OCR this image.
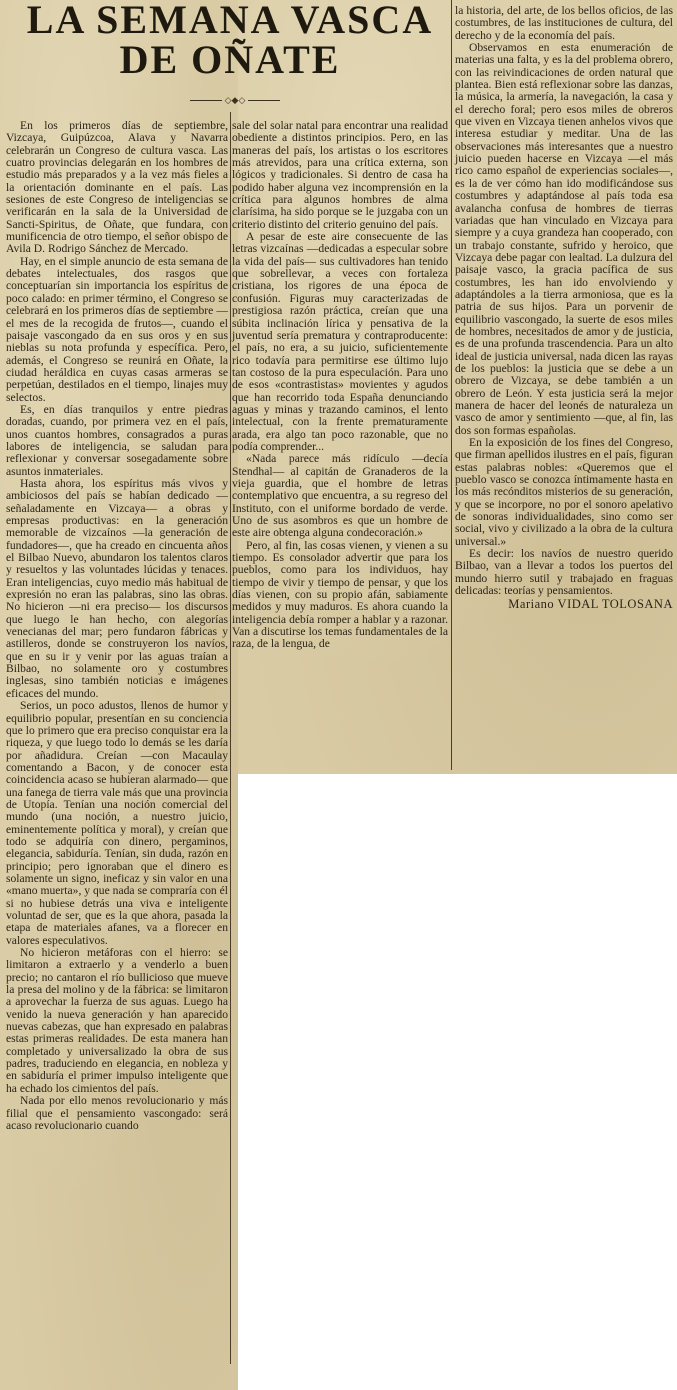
LA SEMANA VASCA
DE OÑATE
◇◆◇

En los primeros días de septiembre, Vizcaya, Guipúzcoa, Alava y Navarra celebrarán un Congreso de cultura vasca. Las cuatro provincias delegarán en los hombres de estudio más preparados y a la vez más fieles a la orientación dominante en el país. Las sesiones de este Congreso de inteligencias se verificarán en la sala de la Universidad de Sancti-Spiritus, de Oñate, que fundara, con munificencia de otro tiempo, el señor obispo de Avila D. Rodrigo Sánchez de Mercado.

Hay, en el simple anuncio de esta semana de debates intelectuales, dos rasgos que conceptuarían sin importancia los espíritus de poco calado: en primer término, el Congreso se celebrará en los primeros días de septiembre —el mes de la recogida de frutos—, cuando el paisaje vascongado da en sus oros y en sus nieblas su nota profunda y específica. Pero, además, el Congreso se reunirá en Oñate, la ciudad heráldica en cuyas casas armeras se perpetúan, destilados en el tiempo, linajes muy selectos.

Es, en días tranquilos y entre piedras doradas, cuando, por primera vez en el país, unos cuantos hombres, consagrados a puras labores de inteligencia, se saludan para reflexionar y conversar sosegadamente sobre asuntos inmateriales.

Hasta ahora, los espíritus más vivos y ambiciosos del país se habían dedicado —señaladamente en Vizcaya— a obras y empresas productivas: en la generación memorable de vizcaínos —la generación de fundadores—, que ha creado en cincuenta años el Bilbao Nuevo, abundaron los talentos claros y resueltos y las voluntades lúcidas y tenaces. Eran inteligencias, cuyo medio más habitual de expresión no eran las palabras, sino las obras. No hicieron —ni era preciso— los discursos que luego le han hecho, con alegorías venecianas del mar; pero fundaron fábricas y astilleros, donde se construyeron los navíos, que en su ir y venir por las aguas traían a Bilbao, no solamente oro y costumbres inglesas, sino también noticias e imágenes eficaces del mundo.

Serios, un poco adustos, llenos de humor y equilibrio popular, presentían en su conciencia que lo primero que era preciso conquistar era la riqueza, y que luego todo lo demás se les daría por añadidura. Creían —con Macaulay comentando a Bacon, y de conocer esta coincidencia acaso se hubieran alarmado— que una fanega de tierra vale más que una provincia de Utopía. Tenían una noción comercial del mundo (una noción, a nuestro juicio, eminentemente política y moral), y creían que todo se adquiría con dinero, pergaminos, elegancia, sabiduría. Tenían, sin duda, razón en principio; pero ignoraban que el dinero es solamente un signo, ineficaz y sin valor en una «mano muerta», y que nada se compraría con él si no hubiese detrás una viva e inteligente voluntad de ser, que es la que ahora, pasada la etapa de materiales afanes, va a florecer en valores especulativos.

No hicieron metáforas con el hierro: se limitaron a extraerlo y a venderlo a buen precio; no cantaron el río bullicioso que mueve la presa del molino y de la fábrica: se limitaron a aprovechar la fuerza de sus aguas. Luego ha venido la nueva generación y han aparecido nuevas cabezas, que han expresado en palabras estas primeras realidades. De esta manera han completado y universalizado la obra de sus padres, traduciendo en elegancia, en nobleza y en sabiduría el primer impulso inteligente que ha echado los cimientos del país.

Nada por ello menos revolucionario y más filial que el pensamiento vascongado: será acaso revolucionario cuando

sale del solar natal para encontrar una realidad obediente a distintos principios. Pero, en las maneras del país, los artistas o los escritores más atrevidos, para una crítica externa, son lógicos y tradicionales. Si dentro de casa ha podido haber alguna vez incomprensión en la crítica para algunos hombres de alma clarísima, ha sido porque se le juzgaba con un criterio distinto del criterio genuino del país.

A pesar de este aire consecuente de las letras vizcaínas —dedicadas a especular sobre la vida del país— sus cultivadores han tenido que sobrellevar, a veces con fortaleza cristiana, los rigores de una época de confusión. Figuras muy caracterizadas de prestigiosa razón práctica, creían que una súbita inclinación lírica y pensativa de la juventud sería prematura y contraproducente: el país, no era, a su juicio, suficientemente rico todavía para permitirse ese último lujo tan costoso de la pura especulación. Para uno de esos «contrastistas» movientes y agudos que han recorrido toda España denunciando aguas y minas y trazando caminos, el lento intelectual, con la frente prematuramente arada, era algo tan poco razonable, que no podía comprender...

«Nada parece más ridículo —decía Stendhal— al capitán de Granaderos de la vieja guardia, que el hombre de letras contemplativo que encuentra, a su regreso del Instituto, con el uniforme bordado de verde. Uno de sus asombros es que un hombre de este aire obtenga alguna condecoración.»

Pero, al fin, las cosas vienen, y vienen a su tiempo. Es consolador advertir que para los pueblos, como para los individuos, hay tiempo de vivir y tiempo de pensar, y que los días vienen, con su propio afán, sabiamente medidos y muy maduros. Es ahora cuando la inteligencia debía romper a hablar y a razonar. Van a discutirse los temas fundamentales de la raza, de la lengua, de

la historia, del arte, de los bellos oficios, de las costumbres, de las instituciones de cultura, del derecho y de la economía del país.

Observamos en esta enumeración de materias una falta, y es la del problema obrero, con las reivindicaciones de orden natural que plantea. Bien está reflexionar sobre las danzas, la música, la armería, la navegación, la casa y el derecho foral; pero esos miles de obreros que viven en Vizcaya tienen anhelos vivos que interesa estudiar y meditar. Una de las observaciones más interesantes que a nuestro juicio pueden hacerse en Vizcaya —el más rico camo español de experiencias sociales—, es la de ver cómo han ido modificándose sus costumbres y adaptándose al país toda esa avalancha confusa de hombres de tierras variadas que han vinculado en Vizcaya para siempre y a cuya grandeza han cooperado, con un trabajo constante, sufrido y heroico, que Vizcaya debe pagar con lealtad. La dulzura del paisaje vasco, la gracia pacífica de sus costumbres, les han ido envolviendo y adaptándoles a la tierra armoniosa, que es la patria de sus hijos. Para un porvenir de equilibrio vascongado, la suerte de esos miles de hombres, necesitados de amor y de justicia, es de una profunda trascendencia. Para un alto ideal de justicia universal, nada dicen las rayas de los pueblos: la justicia que se debe a un obrero de Vizcaya, se debe también a un obrero de León. Y esta justicia será la mejor manera de hacer del leonés de naturaleza un vasco de amor y sentimiento —que, al fin, las dos son formas españolas.

En la exposición de los fines del Congreso, que firman apellidos ilustres en el país, figuran estas palabras nobles: «Queremos que el pueblo vasco se conozca íntimamente hasta en los más recónditos misterios de su generación, y que se incorpore, no por el sonoro apelativo de sonoras individualidades, sino como ser social, vivo y civilizado a la obra de la cultura universal.»

Es decir: los navíos de nuestro querido Bilbao, van a llevar a todos los puertos del mundo hierro sutil y trabajado en fraguas delicadas: teorías y pensamientos.

Mariano VIDAL TOLOSANA
